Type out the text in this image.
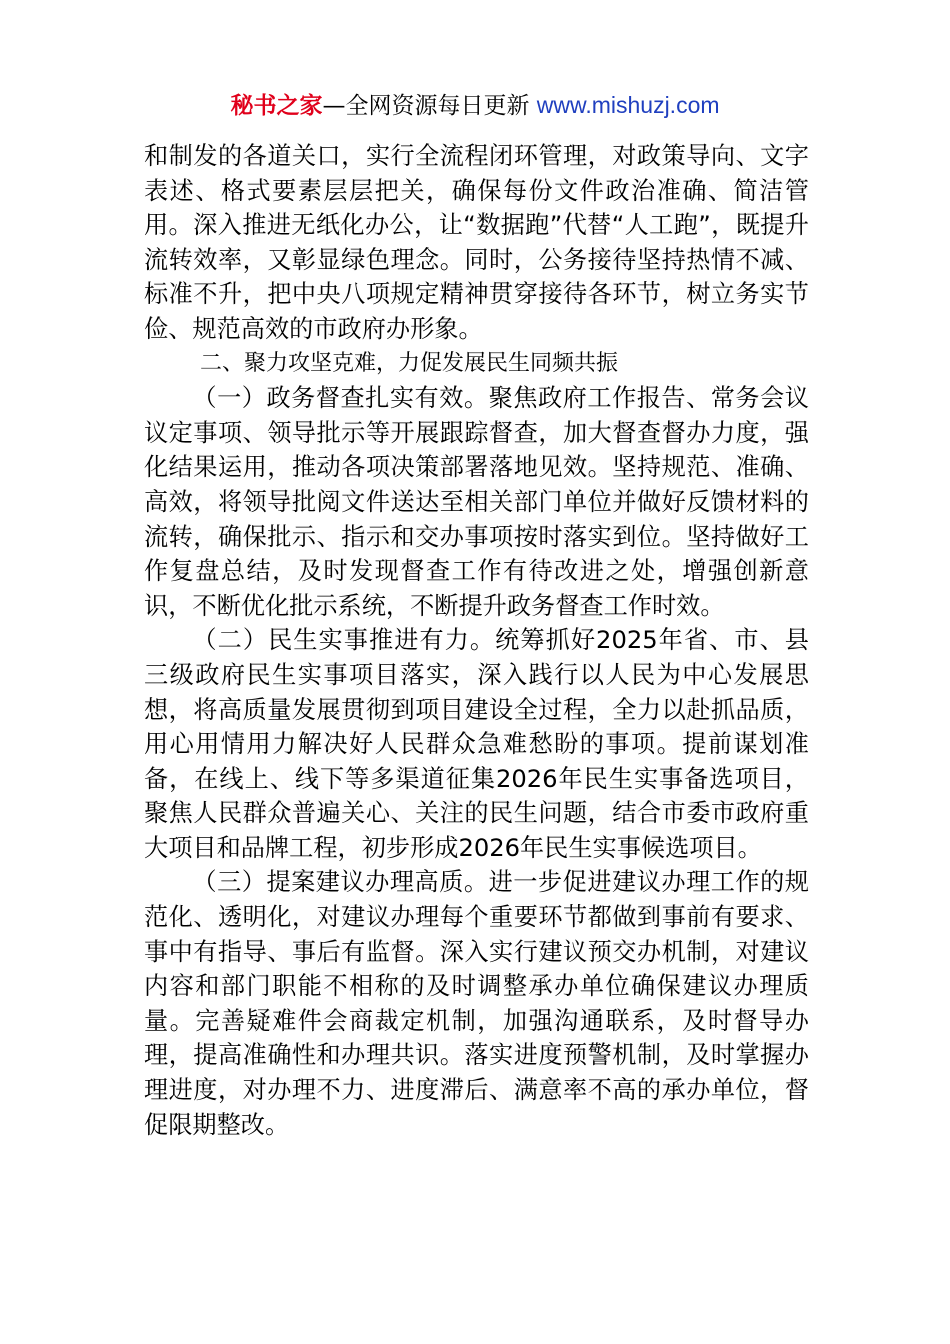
秘书之家—全网资源每日更新 www.mishuzj.com

和制发的各道关口，实行全流程闭环管理，对政策导向、文字表述、格式要素层层把关，确保每份文件政治准确、简洁管用。深入推进无纸化办公，让“数据跑”代替“人工跑”，既提升流转效率，又彰显绿色理念。同时，公务接待坚持热情不减、标准不升，把中央八项规定精神贯穿接待各环节，树立务实节俭、规范高效的市政府办形象。

二、聚力攻坚克难，力促发展民生同频共振

（一）政务督查扎实有效。聚焦政府工作报告、常务会议议定事项、领导批示等开展跟踪督查，加大督查督办力度，强化结果运用，推动各项决策部署落地见效。坚持规范、准确、高效，将领导批阅文件送达至相关部门单位并做好反馈材料的流转，确保批示、指示和交办事项按时落实到位。坚持做好工作复盘总结，及时发现督查工作有待改进之处，增强创新意识，不断优化批示系统，不断提升政务督查工作时效。

（二）民生实事推进有力。统筹抓好2025年省、市、县三级政府民生实事项目落实，深入践行以人民为中心发展思想，将高质量发展贯彻到项目建设全过程，全力以赴抓品质，用心用情用力解决好人民群众急难愁盼的事项。提前谋划准备，在线上、线下等多渠道征集2026年民生实事备选项目，聚焦人民群众普遍关心、关注的民生问题，结合市委市政府重大项目和品牌工程，初步形成2026年民生实事候选项目。

（三）提案建议办理高质。进一步促进建议办理工作的规范化、透明化，对建议办理每个重要环节都做到事前有要求、事中有指导、事后有监督。深入实行建议预交办机制，对建议内容和部门职能不相称的及时调整承办单位确保建议办理质量。完善疑难件会商裁定机制，加强沟通联系，及时督导办理，提高准确性和办理共识。落实进度预警机制，及时掌握办理进度，对办理不力、进度滞后、满意率不高的承办单位，督促限期整改。
